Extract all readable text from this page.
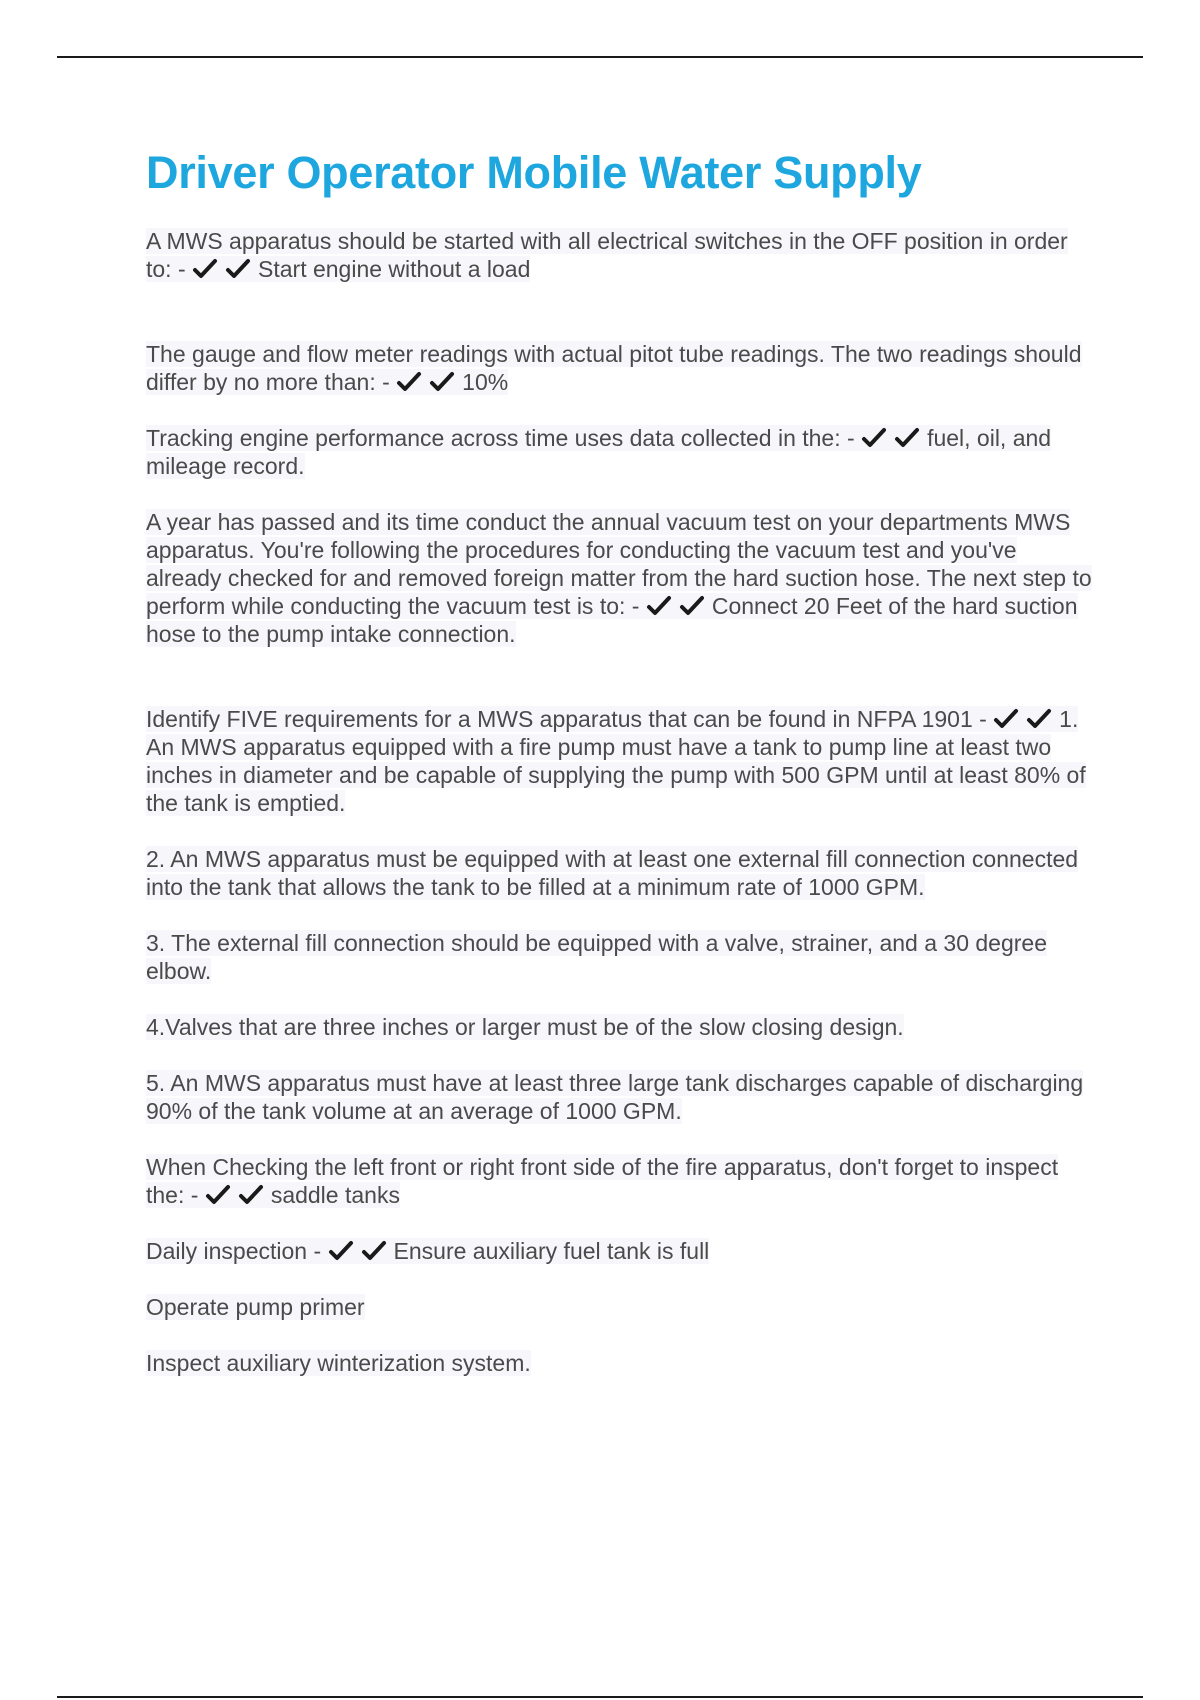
Driver Operator Mobile Water Supply

A MWS apparatus should be started with all electrical switches in the OFF position in order to: -	Start engine without a load

The gauge and flow meter readings with actual pitot tube readings. The two readings should differ by no more than: -	10%

Tracking engine performance across time uses data collected in the: -	fuel, oil, and mileage record.

A year has passed and its time conduct the annual vacuum test on your departments MWS apparatus. You're following the procedures for conducting the vacuum test and you've already checked for and removed foreign matter from the hard suction hose. The next step to perform while conducting the vacuum test is to: -	Connect 20 Feet of the hard suction hose to the pump intake connection.

Identify FIVE requirements for a MWS apparatus that can be found in NFPA 1901 -	1. An MWS apparatus equipped with a fire pump must have a tank to pump line at least two inches in diameter and be capable of supplying the pump with 500 GPM until at least 80% of the tank is emptied.

2. An MWS apparatus must be equipped with at least one external fill connection connected into the tank that allows the tank to be filled at a minimum rate of 1000 GPM.

3. The external fill connection should be equipped with a valve, strainer, and a 30 degree elbow.

4.Valves that are three inches or larger must be of the slow closing design.

5. An MWS apparatus must have at least three large tank discharges capable of discharging 90% of the tank volume at an average of 1000 GPM.

When Checking the left front or right front side of the fire apparatus, don't forget to inspect the: -	saddle tanks

Daily inspection -	Ensure auxiliary fuel tank is full

Operate pump primer

Inspect auxiliary winterization system.
